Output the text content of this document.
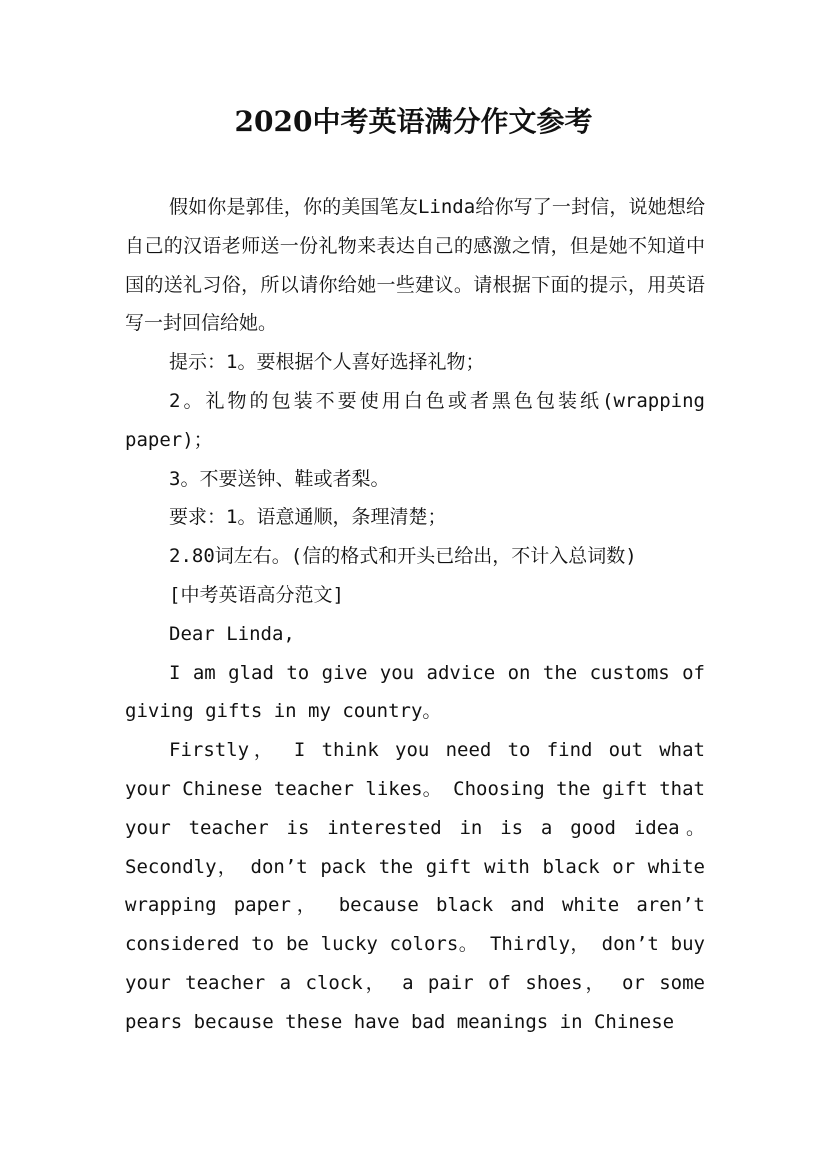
2020中考英语满分作文参考

假如你是郭佳，你的美国笔友Linda给你写了一封信，说她想给自己的汉语老师送一份礼物来表达自己的感激之情，但是她不知道中国的送礼习俗，所以请你给她一些建议。请根据下面的提示，用英语写一封回信给她。

提示：1。要根据个人喜好选择礼物；

2。礼物的包装不要使用白色或者黑色包装纸(wrapping paper)；

3。不要送钟、鞋或者梨。

要求：1。语意通顺，条理清楚；

2.80词左右。(信的格式和开头已给出，不计入总词数)

[中考英语高分范文]

Dear Linda,

I am glad to give you advice on the customs of giving gifts in my country。

Firstly， I think you need to find out what your Chinese teacher likes。 Choosing the gift that your teacher is interested in is a good idea。 Secondly， don’t pack the gift with black or white wrapping paper， because black and white aren’t considered to be lucky colors。 Thirdly， don’t buy your teacher a clock， a pair of shoes， or some pears because these have bad meanings in Chinese
